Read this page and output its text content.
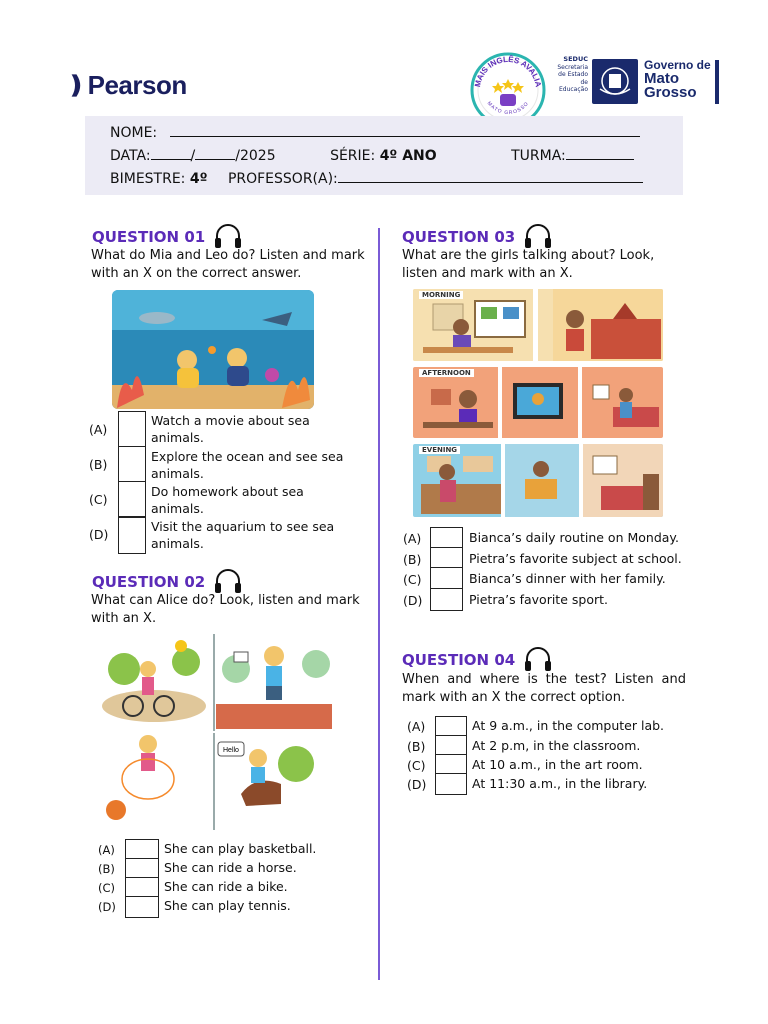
❫ Pearson	MAIS INGLÊS AVALIA
MATO GROSSO
SEDUC
Secretaria
de Estado
de Educação
Governo de
Mato
Grosso
NOME:
DATA:	/	/2025	SÉRIE: 4º ANO	TURMA:
BIMESTRE: 4º PROFESSOR(A):
QUESTION 01
What do Mia and Leo do? Listen and mark with an X on the correct answer.
(A)
Watch a movie about sea animals.
(B)
Explore the ocean and see sea animals.
(C)
Do homework about sea animals.
(D)
Visit the aquarium to see sea animals.
QUESTION 02
What can Alice do? Look, listen and mark with an X.
Hello
(A)	She can play basketball.
(B)	She can ride a horse.
(C)	She can ride a bike.
(D)	She can play tennis.
QUESTION 03
What are the girls talking about? Look, listen and mark with an X.
MORNING
AFTERNOON
EVENING
(A)	Bianca’s daily routine on Monday.
(B)	Pietra’s favorite subject at school.
(C)	Bianca’s dinner with her family.
(D)	Pietra’s favorite sport.
QUESTION 04
When and where is the test? Listen and mark with an X the correct option.
(A)	At 9 a.m., in the computer lab.
(B)	At 2 p.m, in the classroom.
(C)	At 10 a.m., in the art room.
(D)	At 11:30 a.m., in the library.
